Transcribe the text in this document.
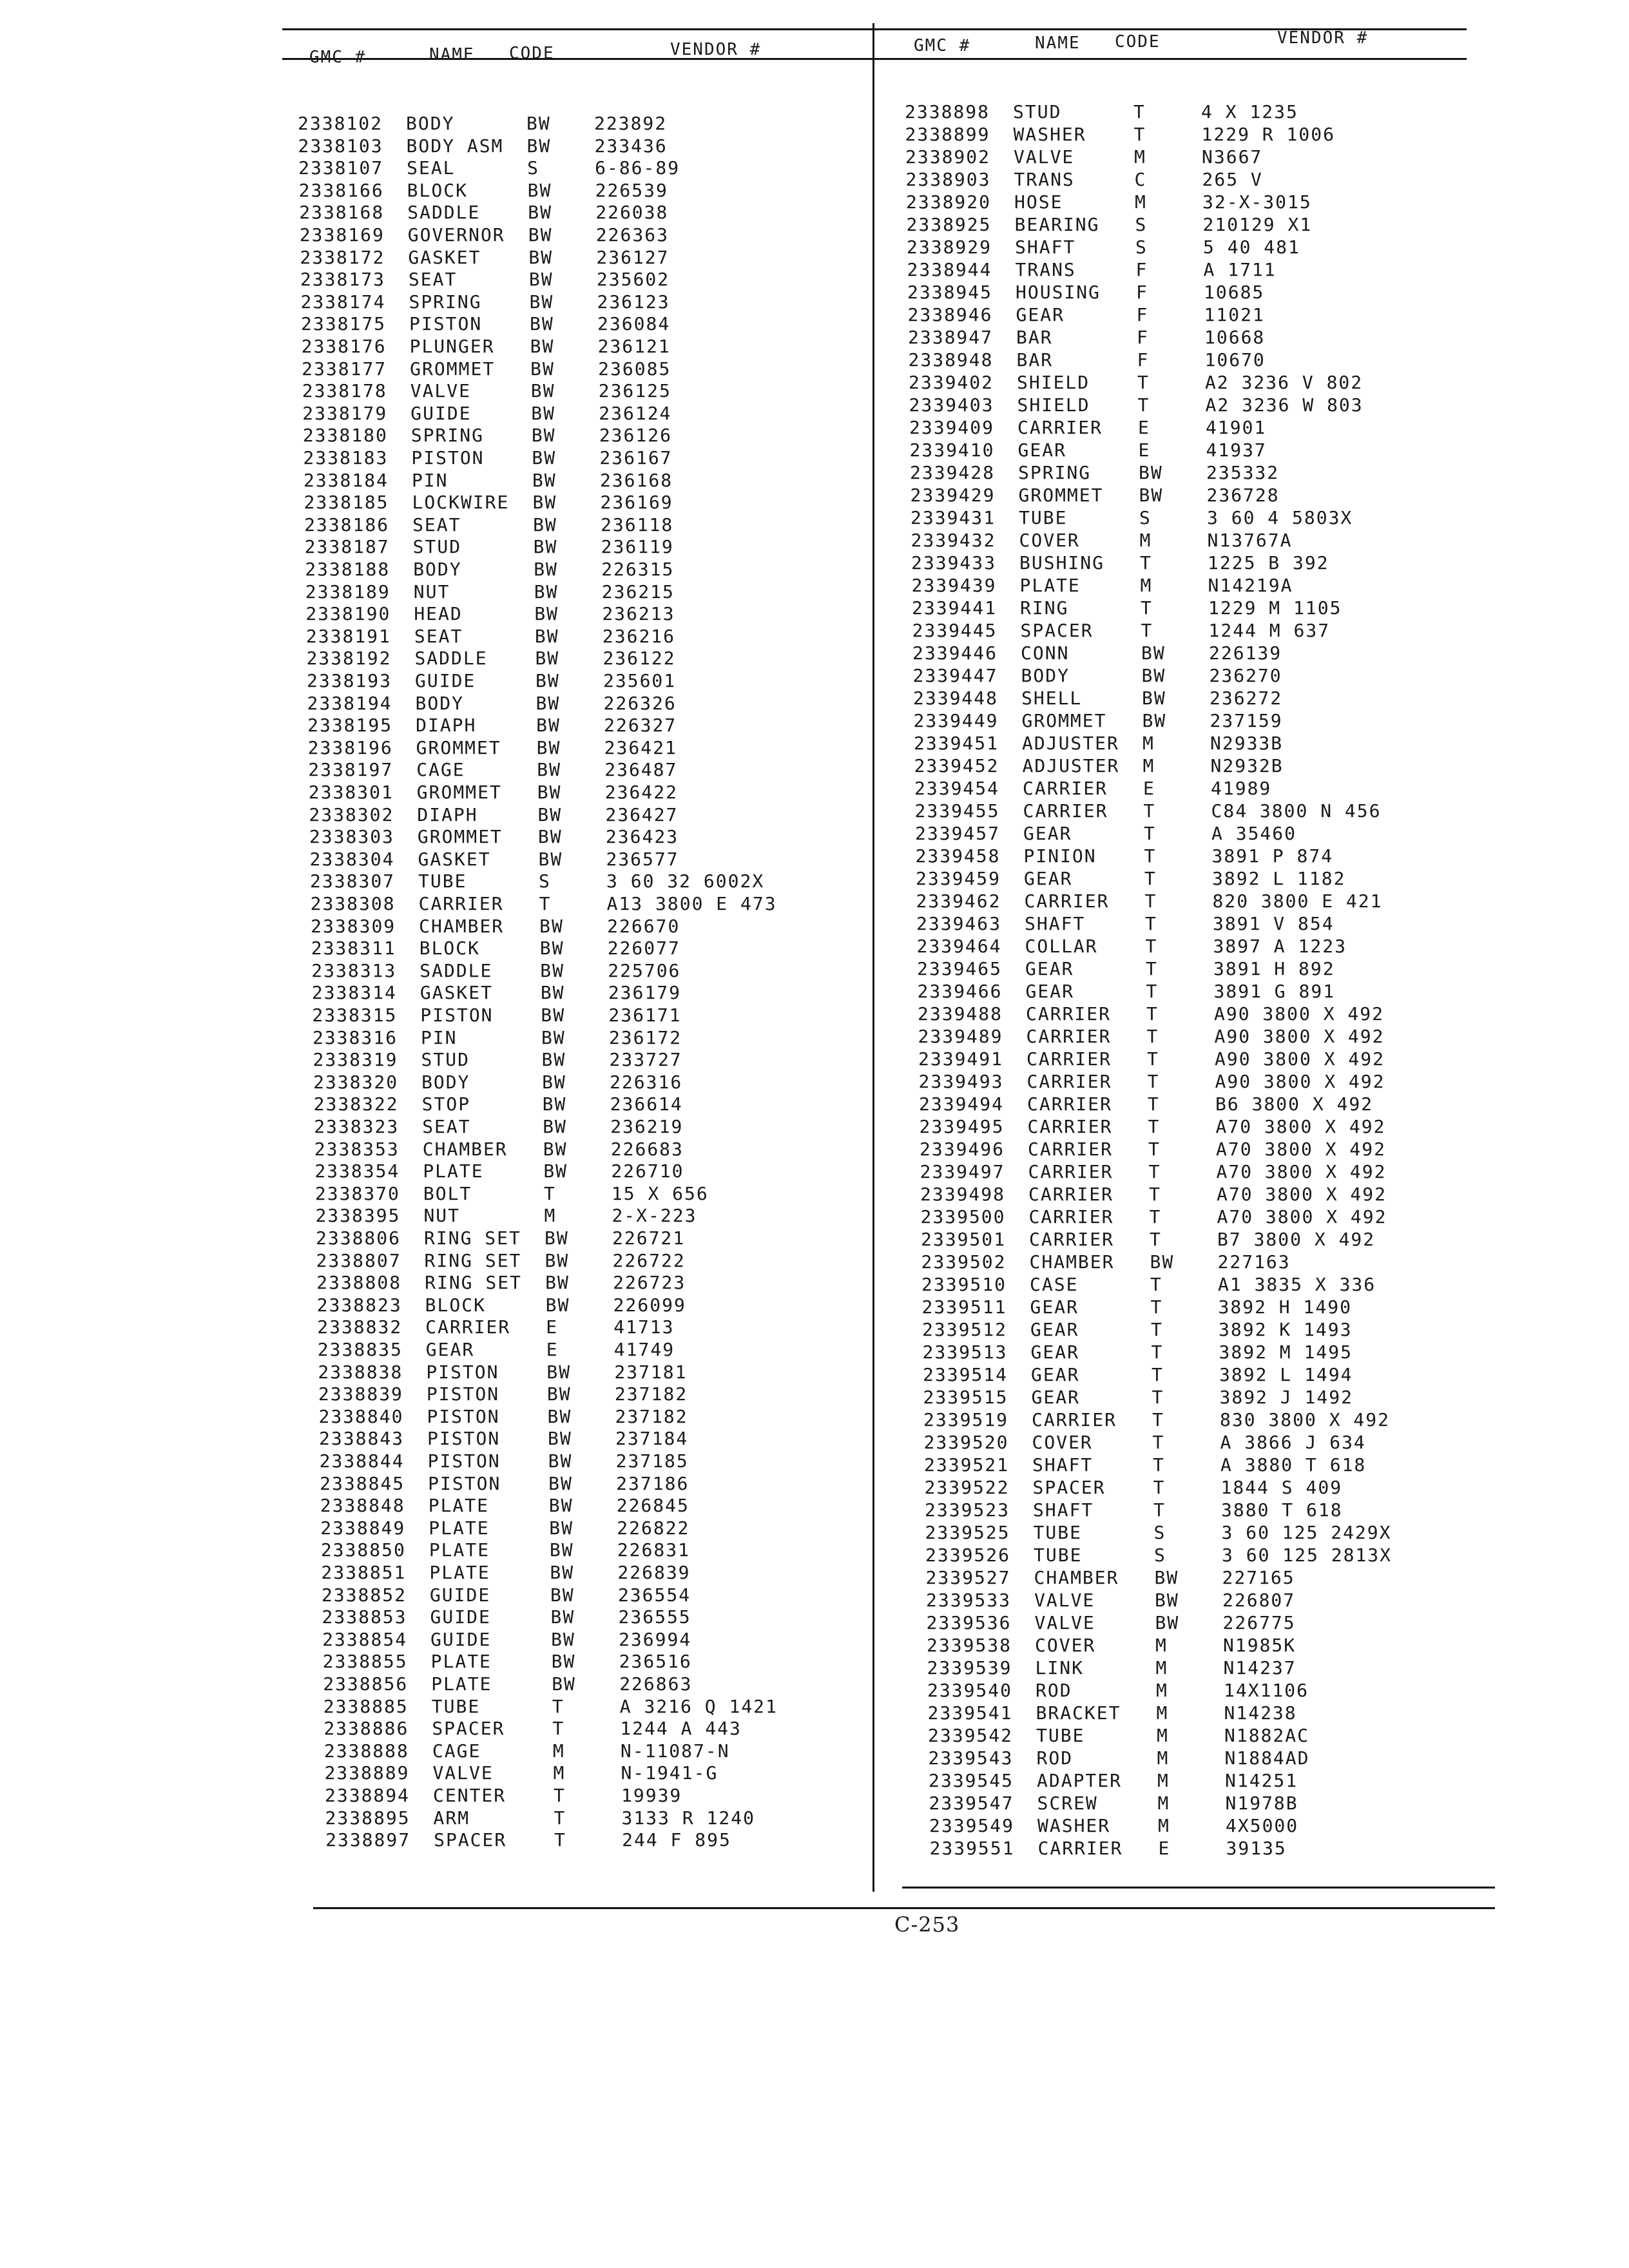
GMC #	NAME CODE	VENDOR #	GMC #	NAME CODE	VENDOR #
2338102 BODY	BW 223892
2338103 BODY ASM BW 233436
2338107 SEAL	S	6-86-89
2338166 BLOCK	BW 226539
2338168 SADDLE	BW 226038
2338169 GOVERNOR BW 226363
2338172 GASKET	BW 236127
2338173 SEAT	BW 235602
2338174 SPRING	BW 236123
2338175 PISTON	BW 236084
2338176 PLUNGER BW 236121
2338177 GROMMET BW 236085
2338178 VALVE	BW 236125
2338179 GUIDE	BW 236124
2338180 SPRING	BW 236126
2338183 PISTON	BW 236167
2338184 PIN	BW 236168
2338185 LOCKWIRE BW 236169
2338186 SEAT	BW 236118
2338187 STUD	BW 236119
2338188 BODY	BW 226315
2338189 NUT	BW 236215
2338190 HEAD	BW 236213
2338191 SEAT	BW 236216
2338192 SADDLE	BW 236122
2338193 GUIDE	BW 235601
2338194 BODY	BW 226326
2338195 DIAPH	BW 226327
2338196 GROMMET BW 236421
2338197 CAGE	BW 236487
2338301 GROMMET BW 236422
2338302 DIAPH	BW 236427
2338303 GROMMET BW 236423
2338304 GASKET	BW 236577
2338307 TUBE	S	3 60 32 6002X
2338308 CARRIER T	A13 3800 E 473
2338309 CHAMBER BW 226670
2338311 BLOCK	BW 226077
2338313 SADDLE	BW 225706
2338314 GASKET	BW 236179
2338315 PISTON	BW 236171
2338316 PIN	BW 236172
2338319 STUD	BW 233727
2338320 BODY	BW 226316
2338322 STOP	BW 236614
2338323 SEAT	BW 236219
2338353 CHAMBER BW 226683
2338354 PLATE	BW 226710
2338370 BOLT	T	15 X 656
2338395 NUT	M	2-X-223
2338806 RING SET BW 226721
2338807 RING SET BW 226722
2338808 RING SET BW 226723
2338823 BLOCK	BW 226099
2338832 CARRIER E	41713
2338835 GEAR	E	41749
2338838 PISTON	BW 237181
2338839 PISTON	BW 237182
2338840 PISTON	BW 237182
2338843 PISTON	BW 237184
2338844 PISTON	BW 237185
2338845 PISTON	BW 237186
2338848 PLATE	BW 226845
2338849 PLATE	BW 226822
2338850 PLATE	BW 226831
2338851 PLATE	BW 226839
2338852 GUIDE	BW 236554
2338853 GUIDE	BW 236555
2338854 GUIDE	BW 236994
2338855 PLATE	BW 236516
2338856 PLATE	BW 226863
2338885 TUBE	T	A 3216 Q 1421
2338886 SPACER	T	1244 A 443
2338888 CAGE	M	N-11087-N
2338889 VALVE	M	N-1941-G
2338894 CENTER	T	19939
2338895 ARM	T	3133 R 1240
2338897 SPACER	T	244 F 895
2338898 STUD	T	4 X 1235
2338899 WASHER	T	1229 R 1006
2338902 VALVE	M	N3667
2338903 TRANS	C	265 V
2338920 HOSE	M	32-X-3015
2338925 BEARING S	210129 X1
2338929 SHAFT	S	5 40 481
2338944 TRANS	F	A 1711
2338945 HOUSING F	10685
2338946 GEAR	F	11021
2338947 BAR	F	10668
2338948 BAR	F	10670
2339402 SHIELD	T	A2 3236 V 802
2339403 SHIELD	T	A2 3236 W 803
2339409 CARRIER E	41901
2339410 GEAR	E	41937
2339428 SPRING	BW 235332
2339429 GROMMET BW 236728
2339431 TUBE	S	3 60 4 5803X
2339432 COVER	M	N13767A
2339433 BUSHING T	1225 B 392
2339439 PLATE	M	N14219A
2339441 RING	T	1229 M 1105
2339445 SPACER	T	1244 M 637
2339446 CONN	BW 226139
2339447 BODY	BW 236270
2339448 SHELL	BW 236272
2339449 GROMMET BW 237159
2339451 ADJUSTER M	N2933B
2339452 ADJUSTER M	N2932B
2339454 CARRIER E	41989
2339455 CARRIER T	C84 3800 N 456
2339457 GEAR	T	A 35460
2339458 PINION	T	3891 P 874
2339459 GEAR	T	3892 L 1182
2339462 CARRIER T	820 3800 E 421
2339463 SHAFT	T	3891 V 854
2339464 COLLAR	T	3897 A 1223
2339465 GEAR	T	3891 H 892
2339466 GEAR	T	3891 G 891
2339488 CARRIER T	A90 3800 X 492
2339489 CARRIER T	A90 3800 X 492
2339491 CARRIER T	A90 3800 X 492
2339493 CARRIER T	A90 3800 X 492
2339494 CARRIER T	B6 3800 X 492
2339495 CARRIER T	A70 3800 X 492
2339496 CARRIER T	A70 3800 X 492
2339497 CARRIER T	A70 3800 X 492
2339498 CARRIER T	A70 3800 X 492
2339500 CARRIER T	A70 3800 X 492
2339501 CARRIER T	B7 3800 X 492
2339502 CHAMBER BW 227163
2339510 CASE	T	A1 3835 X 336
2339511 GEAR	T	3892 H 1490
2339512 GEAR	T	3892 K 1493
2339513 GEAR	T	3892 M 1495
2339514 GEAR	T	3892 L 1494
2339515 GEAR	T	3892 J 1492
2339519 CARRIER T	830 3800 X 492
2339520 COVER	T	A 3866 J 634
2339521 SHAFT	T	A 3880 T 618
2339522 SPACER	T	1844 S 409
2339523 SHAFT	T	3880 T 618
2339525 TUBE	S	3 60 125 2429X
2339526 TUBE	S	3 60 125 2813X
2339527 CHAMBER BW 227165
2339533 VALVE	BW 226807
2339536 VALVE	BW 226775
2339538 COVER	M	N1985K
2339539 LINK	M	N14237
2339540 ROD	M	14X1106
2339541 BRACKET M	N14238
2339542 TUBE	M	N1882AC
2339543 ROD	M	N1884AD
2339545 ADAPTER M	N14251
2339547 SCREW	M	N1978B
2339549 WASHER	M	4X5000
2339551 CARRIER E	39135
C-253
